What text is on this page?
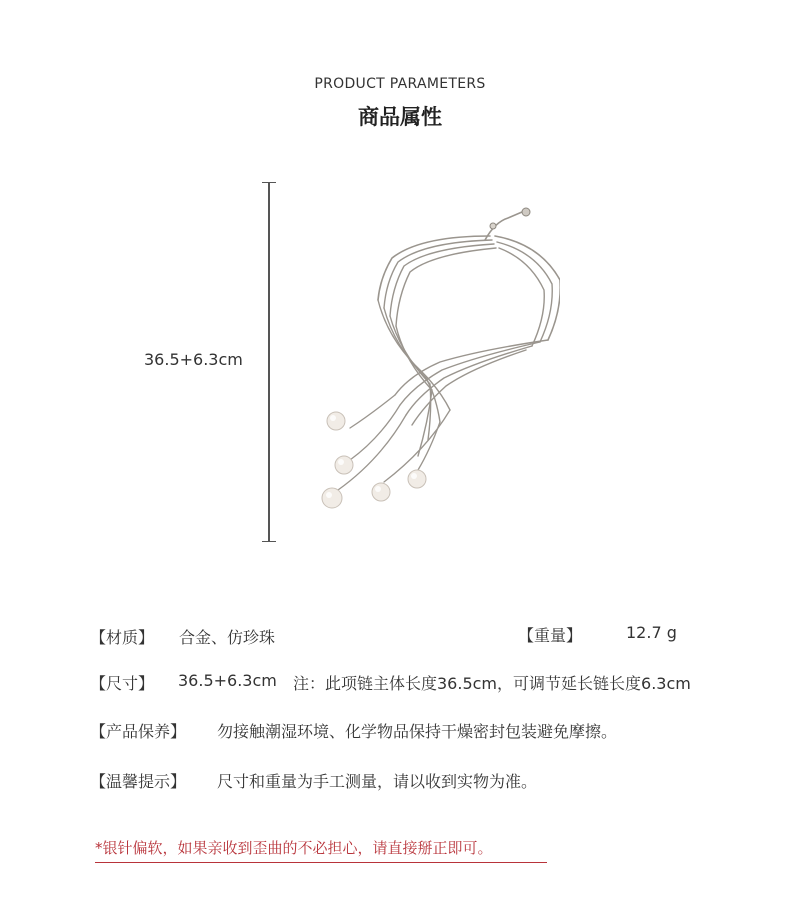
PRODUCT PARAMETERS
商品属性
36.5+6.3cm
【材质】 合金、仿珍珠	【重量】	12.7 g
【尺寸】 36.5+6.3cm 注：此项链主体长度36.5cm，可调节延长链长度6.3cm
【产品保养】 勿接触潮湿环境、化学物品保持干燥密封包装避免摩擦。
【温馨提示】 尺寸和重量为手工测量，请以收到实物为准。
*银针偏软，如果亲收到歪曲的不必担心，请直接掰正即可。
